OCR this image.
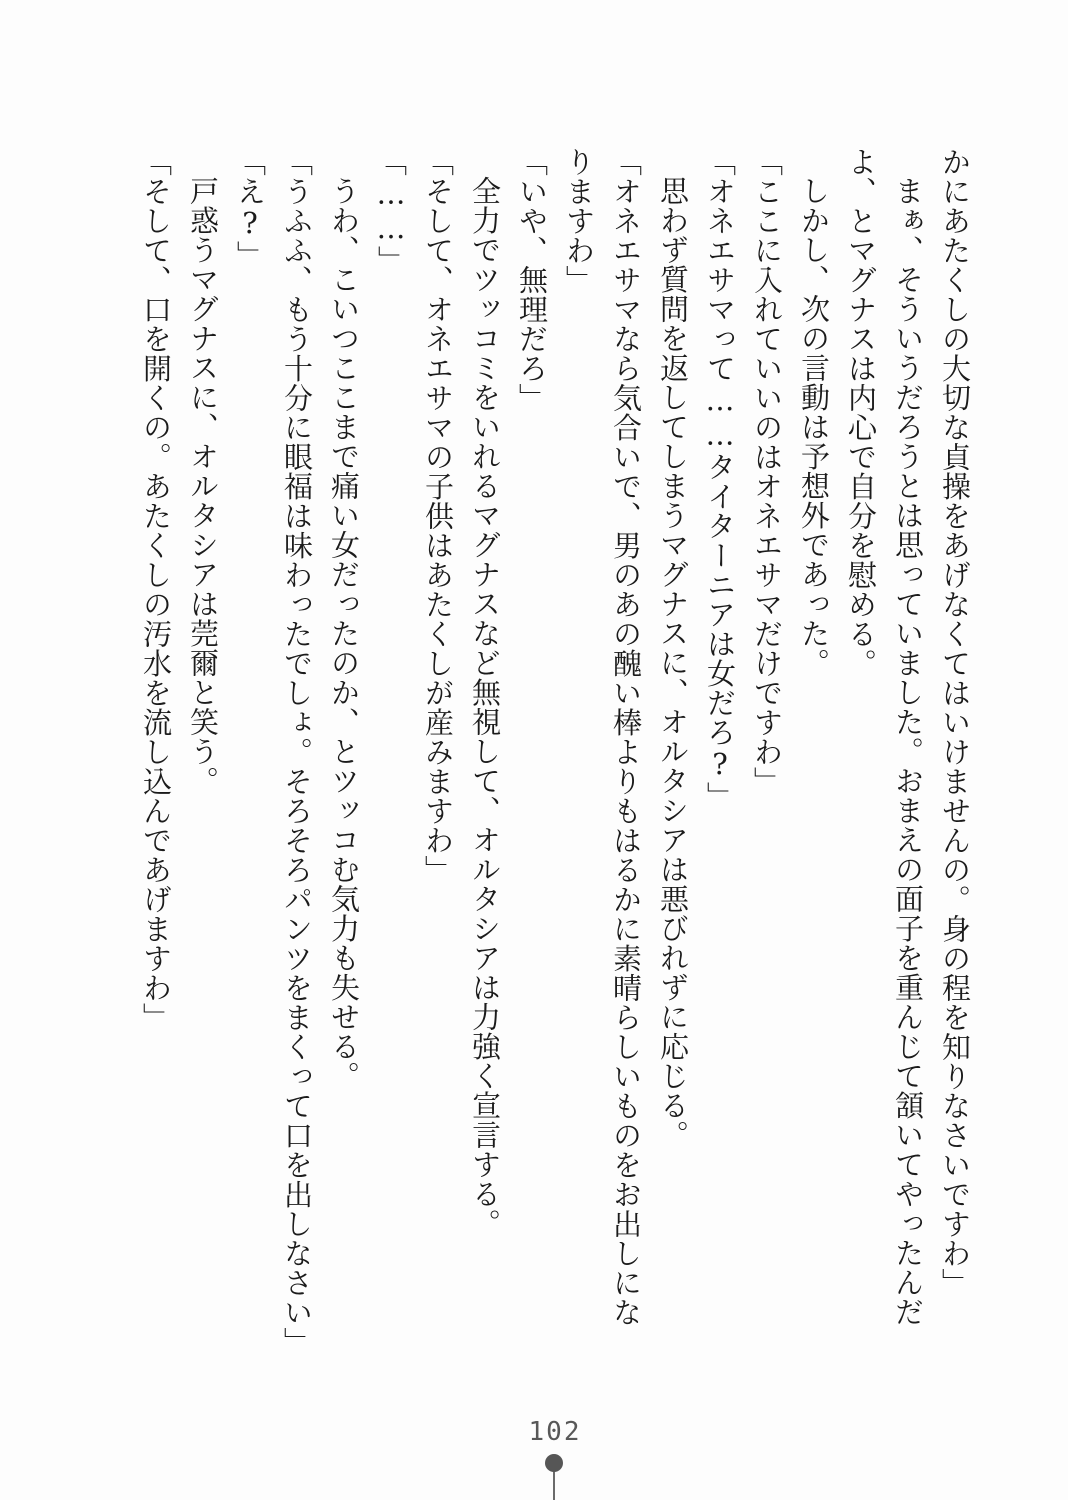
かにあたくしの大切な貞操をあげなくてはいけませんの。身の程を知りなさいですわ」
まぁ、そういうだろうとは思っていました。おまえの面子を重んじて頷いてやったんだ
よ、とマグナスは内心で自分を慰める。
しかし、次の言動は予想外であった。
「ここに入れていいのはオネエサマだけですわ」
「オネエサマって……タイターニアは女だろ?」
思わず質問を返してしまうマグナスに、オルタシアは悪びれずに応じる。
「オネエサマなら気合いで、男のあの醜い棒よりもはるかに素晴らしいものをお出しにな
りますわ」
「いや、無理だろ」
全力でツッコミをいれるマグナスなど無視して、オルタシアは力強く宣言する。
「そして、オネエサマの子供はあたくしが産みますわ」
「……」
うわ、こいつここまで痛い女だったのか、とツッコむ気力も失せる。
「うふふ、もう十分に眼福は味わったでしょ。そろそろパンツをまくって口を出しなさい」
「え?」
戸惑うマグナスに、オルタシアは莞爾と笑う。
「そして、口を開くの。あたくしの汚水を流し込んであげますわ」
102
